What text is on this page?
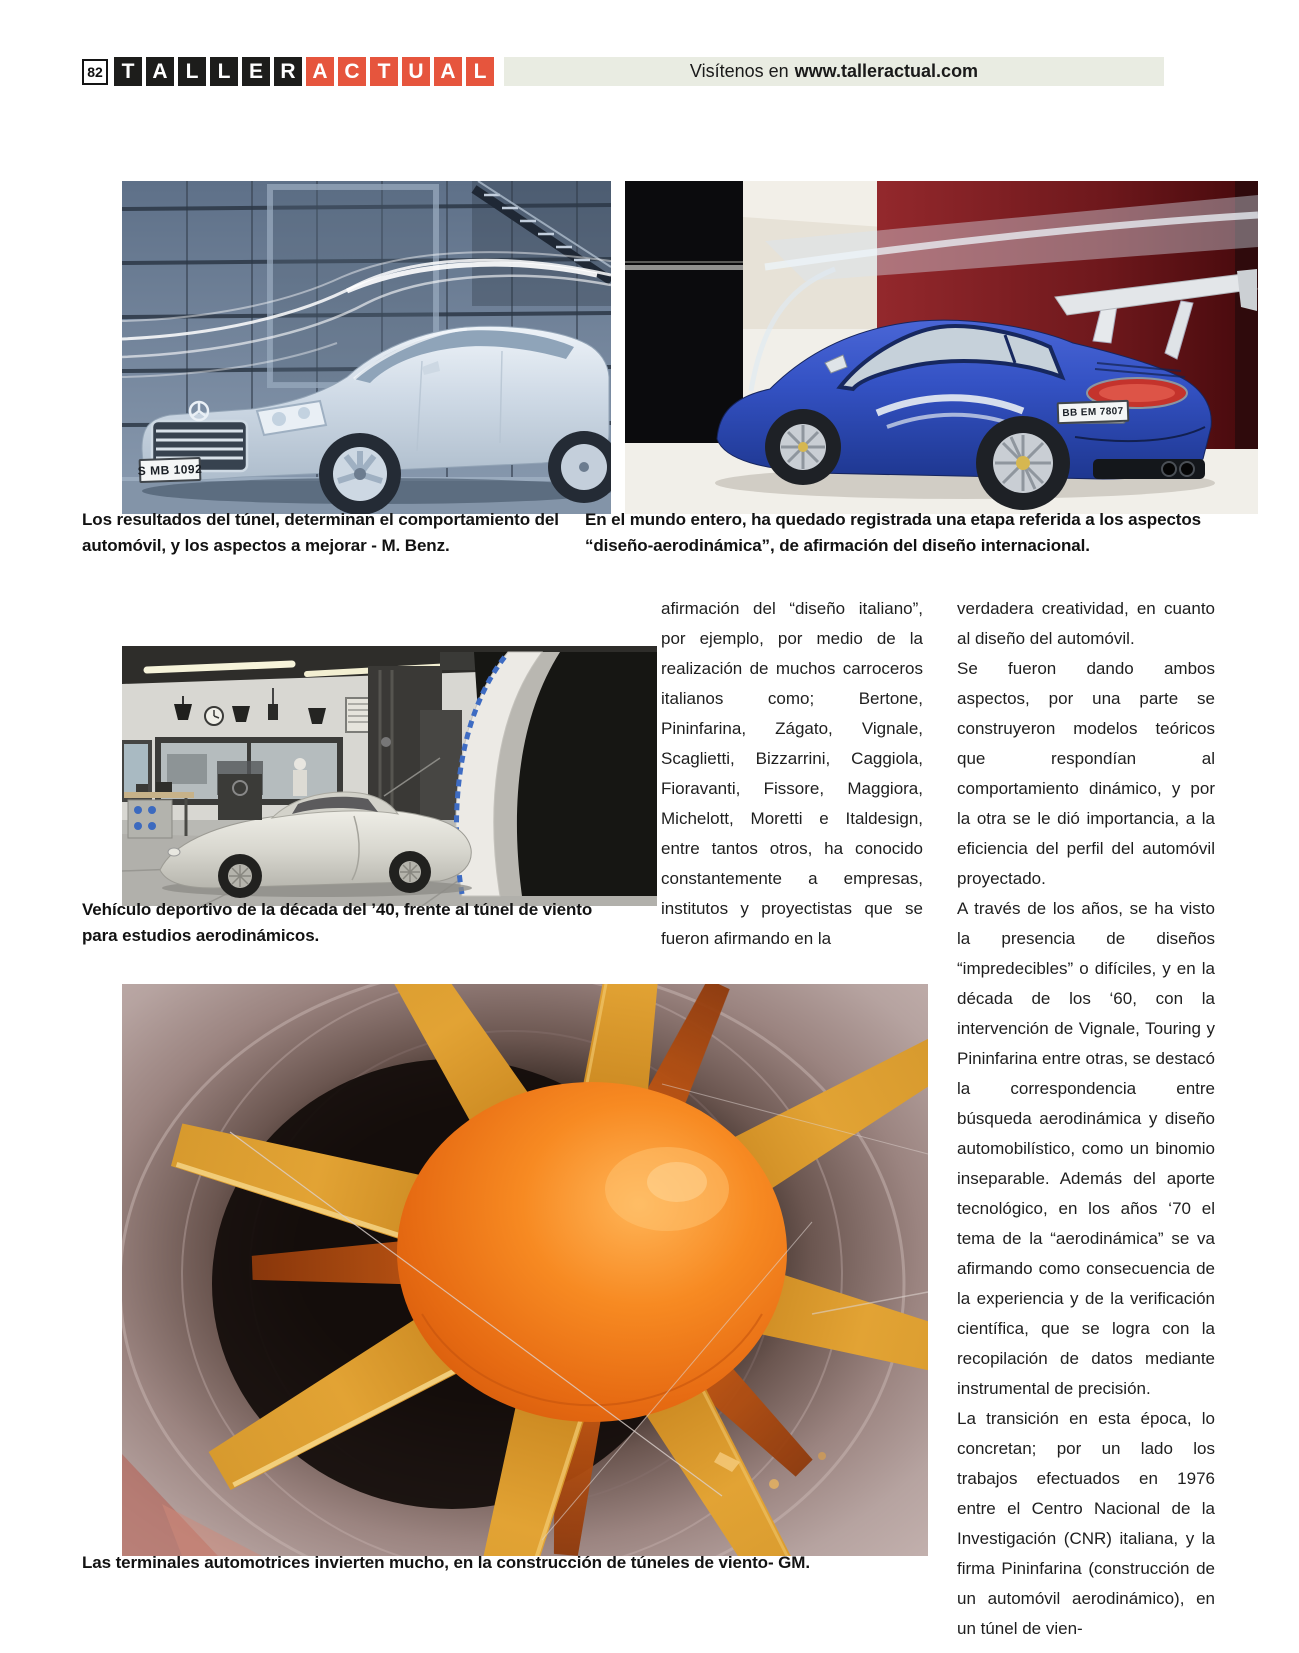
82 T A L L E R A C T U A L	Visítenos en www.talleractual.com
S MB 1092
BB EM 7807

Los resultados del túnel, determinan el comportamiento del automóvil, y los aspectos a mejorar - M. Benz.

En el mundo entero, ha quedado registrada una etapa referida a los aspectos “diseño-aerodinámica”, de afirmación del diseño internacional.

Vehículo deportivo de la década del ’40, frente al túnel de viento para estudios aerodinámicos.

afirmación del “diseño italiano”, por ejemplo, por medio de la realización de muchos carroceros italianos como; Bertone, Pininfarina, Zágato, Vignale, Scaglietti, Bizzarrini, Caggiola, Fioravanti, Fissore, Maggiora, Michelott, Moretti e Italdesign, entre tantos otros, ha conocido constantemente a empresas, institutos y proyectistas que se fueron afirmando en la

verdadera creatividad, en cuanto al diseño del automóvil.

Se fueron dando ambos aspectos, por una parte se construyeron modelos teóricos que respondían al comportamiento dinámico, y por la otra se le dió importancia, a la eficiencia del perfil del automóvil proyectado.

A través de los años, se ha visto la presencia de diseños “impredecibles” o difíciles, y en la década de los ‘60, con la intervención de Vignale, Touring y Pininfarina entre otras, se destacó la correspondencia entre búsqueda aerodinámica y diseño automobilístico, como un binomio inseparable. Además del aporte tecnológico, en los años ‘70 el tema de la “aerodinámica” se va afirmando como consecuencia de la experiencia y de la verificación científica, que se logra con la recopilación de datos mediante instrumental de precisión.

La transición en esta época, lo concretan; por un lado los trabajos efectuados en 1976 entre el Centro Nacional de la Investigación (CNR) italiana, y la firma Pininfarina (construcción de un automóvil aerodinámico), en un túnel de vien-

Las terminales automotrices invierten mucho, en la construcción de túneles de viento- GM.
